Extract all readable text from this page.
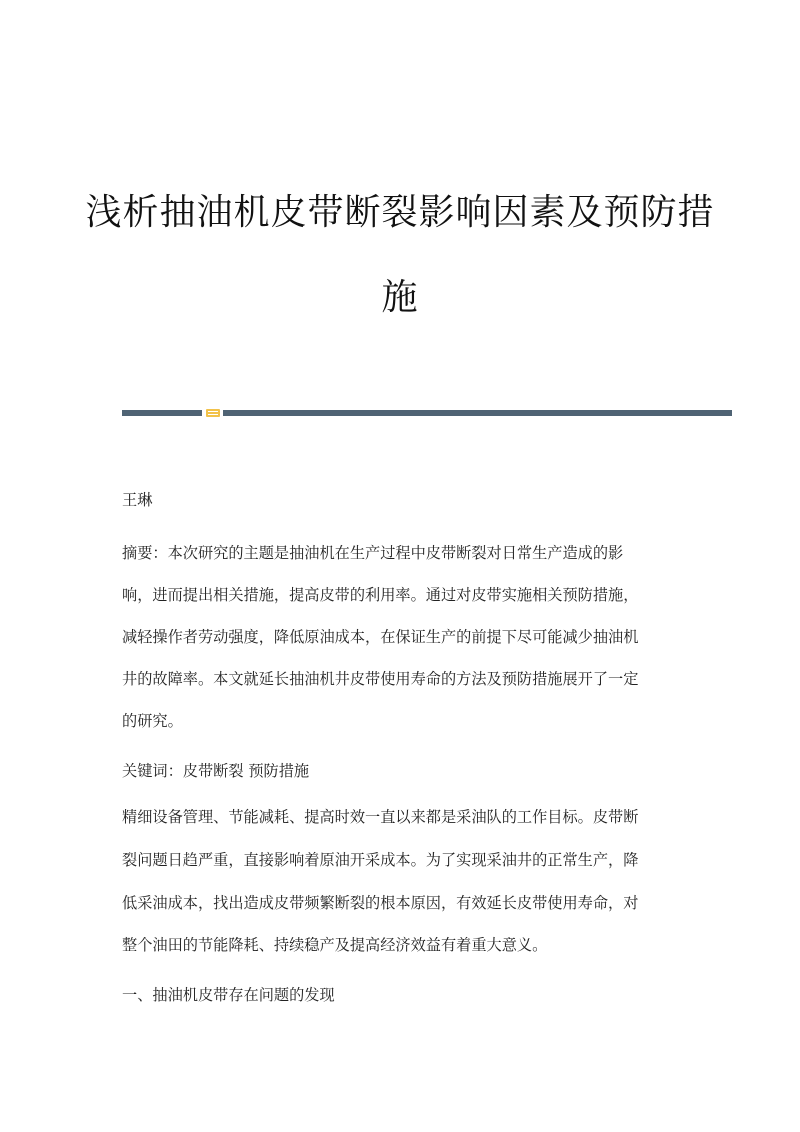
浅析抽油机皮带断裂影响因素及预防措
施
王琳
摘要：本次研究的主题是抽油机在生产过程中皮带断裂对日常生产造成的影
响，进而提出相关措施，提高皮带的利用率。通过对皮带实施相关预防措施，
减轻操作者劳动强度，降低原油成本，在保证生产的前提下尽可能减少抽油机
井的故障率。本文就延长抽油机井皮带使用寿命的方法及预防措施展开了一定
的研究。
关键词：皮带断裂 预防措施
精细设备管理、节能减耗、提高时效一直以来都是采油队的工作目标。皮带断
裂问题日趋严重，直接影响着原油开采成本。为了实现采油井的正常生产，降
低采油成本，找出造成皮带频繁断裂的根本原因，有效延长皮带使用寿命，对
整个油田的节能降耗、持续稳产及提高经济效益有着重大意义。
一、抽油机皮带存在问题的发现
